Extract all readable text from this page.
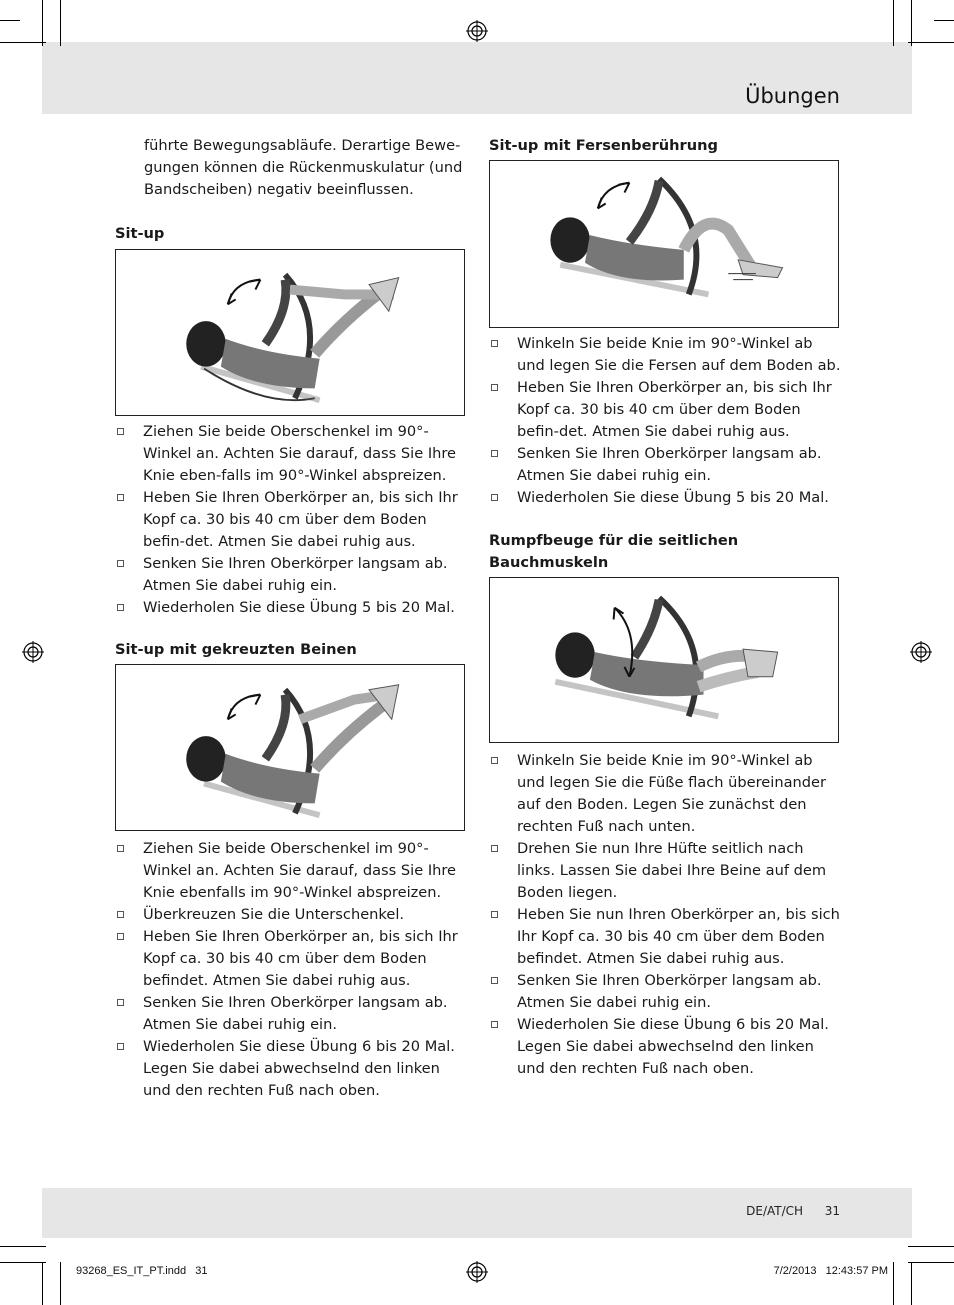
Übungen

führte Bewegungsabläufe. Derartige Bewe-

gungen können die Rückenmuskulatur (und

Bandscheiben) negativ beeinflussen.

Sit-up

Ziehen Sie beide Oberschenkel im 90°-Winkel an. Achten Sie darauf, dass Sie Ihre Knie eben-falls im 90°-Winkel abspreizen.
Heben Sie Ihren Oberkörper an, bis sich Ihr Kopf ca. 30 bis 40 cm über dem Boden befin-det. Atmen Sie dabei ruhig aus.
Senken Sie Ihren Oberkörper langsam ab. Atmen Sie dabei ruhig ein.
Wiederholen Sie diese Übung 5 bis 20 Mal.

Sit-up mit gekreuzten Beinen

Ziehen Sie beide Oberschenkel im 90°-Winkel an. Achten Sie darauf, dass Sie Ihre Knie ebenfalls im 90°-Winkel abspreizen.
Überkreuzen Sie die Unterschenkel.
Heben Sie Ihren Oberkörper an, bis sich Ihr Kopf ca. 30 bis 40 cm über dem Boden befindet. Atmen Sie dabei ruhig aus.
Senken Sie Ihren Oberkörper langsam ab. Atmen Sie dabei ruhig ein.
Wiederholen Sie diese Übung 6 bis 20 Mal. Legen Sie dabei abwechselnd den linken und den rechten Fuß nach oben.

Sit-up mit Fersenberührung

Winkeln Sie beide Knie im 90°-Winkel ab und legen Sie die Fersen auf dem Boden ab.
Heben Sie Ihren Oberkörper an, bis sich Ihr Kopf ca. 30 bis 40 cm über dem Boden befin-det. Atmen Sie dabei ruhig aus.
Senken Sie Ihren Oberkörper langsam ab. Atmen Sie dabei ruhig ein.
Wiederholen Sie diese Übung 5 bis 20 Mal.

Rumpfbeuge für die seitlichen

Bauchmuskeln

Winkeln Sie beide Knie im 90°-Winkel ab und legen Sie die Füße flach übereinander auf den Boden. Legen Sie zunächst den rechten Fuß nach unten.
Drehen Sie nun Ihre Hüfte seitlich nach links. Lassen Sie dabei Ihre Beine auf dem Boden liegen.
Heben Sie nun Ihren Oberkörper an, bis sich Ihr Kopf ca. 30 bis 40 cm über dem Boden befindet. Atmen Sie dabei ruhig aus.
Senken Sie Ihren Oberkörper langsam ab. Atmen Sie dabei ruhig ein.
Wiederholen Sie diese Übung 6 bis 20 Mal. Legen Sie dabei abwechselnd den linken und den rechten Fuß nach oben.
DE/AT/CH 31
93268_ES_IT_PT.indd   31	7/2/2013   12:43:57 PM
